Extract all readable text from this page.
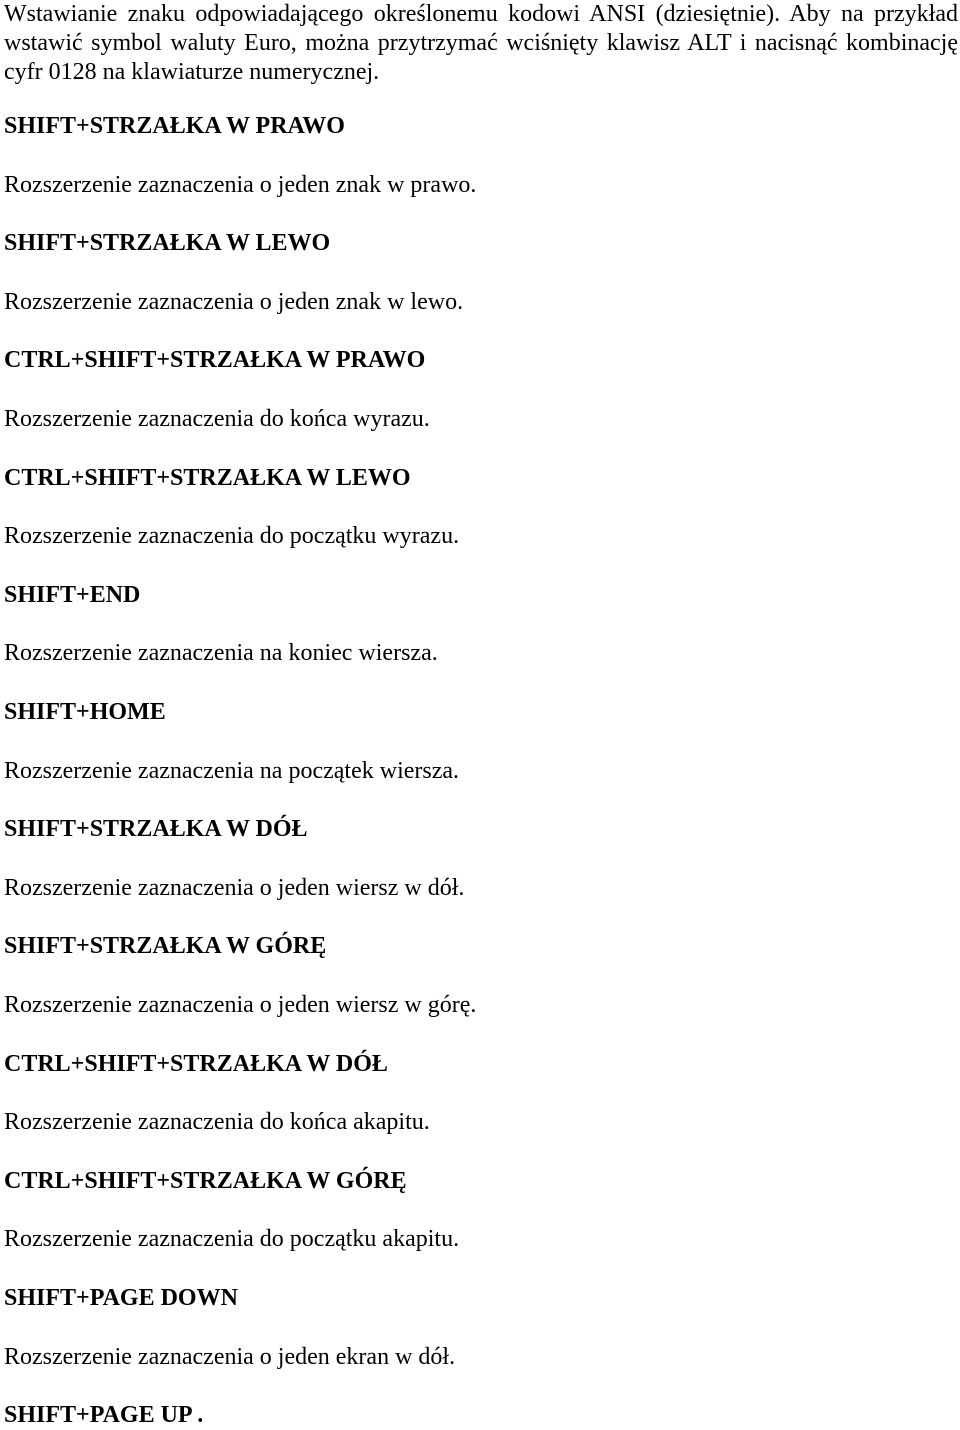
Wstawianie znaku odpowiadającego określonemu kodowi ANSI (dziesiętnie). Aby na przykład wstawić symbol waluty Euro, można przytrzymać wciśnięty klawisz ALT i nacisnąć kombinację cyfr 0128 na klawiaturze numerycznej.

SHIFT+STRZAŁKA W PRAWO

Rozszerzenie zaznaczenia o jeden znak w prawo.

SHIFT+STRZAŁKA W LEWO

Rozszerzenie zaznaczenia o jeden znak w lewo.

CTRL+SHIFT+STRZAŁKA W PRAWO

Rozszerzenie zaznaczenia do końca wyrazu.

CTRL+SHIFT+STRZAŁKA W LEWO

Rozszerzenie zaznaczenia do początku wyrazu.

SHIFT+END

Rozszerzenie zaznaczenia na koniec wiersza.

SHIFT+HOME

Rozszerzenie zaznaczenia na początek wiersza.

SHIFT+STRZAŁKA W DÓŁ

Rozszerzenie zaznaczenia o jeden wiersz w dół.

SHIFT+STRZAŁKA W GÓRĘ

Rozszerzenie zaznaczenia o jeden wiersz w górę.

CTRL+SHIFT+STRZAŁKA W DÓŁ

Rozszerzenie zaznaczenia do końca akapitu.

CTRL+SHIFT+STRZAŁKA W GÓRĘ

Rozszerzenie zaznaczenia do początku akapitu.

SHIFT+PAGE DOWN

Rozszerzenie zaznaczenia o jeden ekran w dół.

SHIFT+PAGE UP .
